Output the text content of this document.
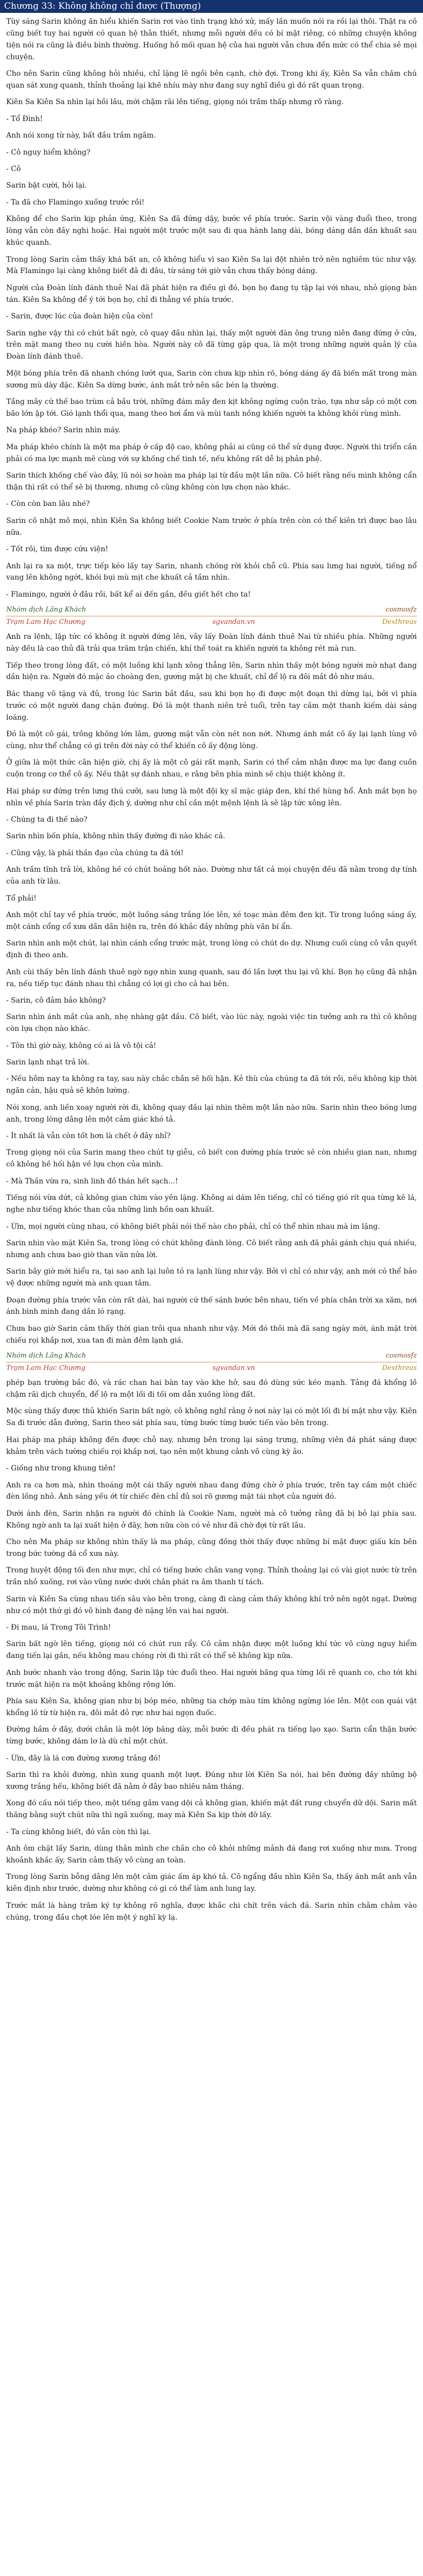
Chương 33: Không không chỉ được (Thượng)

Tùy sáng Sarin không ăn hiểu khiến Sarin rơi vào tình trạng khó xử, mấy lần muốn nói ra rồi lại thôi. Thật ra cô cũng biết tuy hai người có quan hệ thân thiết, nhưng mỗi người đều có bí mật riêng, có những chuyện không tiện nói ra cũng là điều bình thường. Huống hồ mối quan hệ của hai người vẫn chưa đến mức có thể chia sẻ mọi chuyện.

Cho nên Sarin cũng không hỏi nhiều, chỉ lặng lẽ ngồi bên cạnh, chờ đợi. Trong khi ấy, Kiên Sa vẫn chăm chú quan sát xung quanh, thỉnh thoảng lại khẽ nhíu mày như đang suy nghĩ điều gì đó rất quan trọng.

Kiên Sa Kiên Sa nhìn lại hồi lâu, mới chậm rãi lên tiếng, giọng nói trầm thấp nhưng rõ ràng.

- Tổ Đình!

Anh nói xong từ này, bất đầu trầm ngâm.

- Cô nguy hiểm không?

- Cô

Sarin bật cười, hỏi lại.

- Ta đã cho Flamingo xuống trước rồi!

Không để cho Sarin kịp phản ứng, Kiên Sa đã đứng dậy, bước về phía trước. Sarin vội vàng đuổi theo, trong lòng vẫn còn đầy nghi hoặc. Hai người một trước một sau đi qua hành lang dài, bóng dáng dần dần khuất sau khúc quanh.

Trong lòng Sarin cảm thấy khá bất an, cô không hiểu vì sao Kiên Sa lại đột nhiên trở nên nghiêm túc như vậy. Mà Flamingo lại càng không biết đã đi đâu, từ sáng tới giờ vẫn chưa thấy bóng dáng.

Người của Đoàn lính đánh thuê Nai đã phát hiện ra điều gì đó, bọn họ đang tụ tập lại với nhau, nhỏ giọng bàn tán. Kiên Sa không để ý tới bọn họ, chỉ đi thẳng về phía trước.

- Sarin, được lúc của đoàn hiện của còn!

Sarin nghe vậy thì có chút bất ngờ, cô quay đầu nhìn lại, thấy một người đàn ông trung niên đang đứng ở cửa, trên mặt mang theo nụ cười hiền hòa. Người này cô đã từng gặp qua, là một trong những người quản lý của Đoàn lính đánh thuê.

Một bóng phía trên đã nhanh chóng lướt qua, Sarin còn chưa kịp nhìn rõ, bóng dáng ấy đã biến mất trong màn sương mù dày đặc. Kiên Sa dừng bước, ánh mắt trở nên sắc bén lạ thường.

Tầng mây cứ thế bao trùm cả bầu trời, những đám mây đen kịt không ngừng cuộn trào, tựa như sắp có một cơn bão lớn ập tới. Gió lạnh thổi qua, mang theo hơi ẩm và mùi tanh nồng khiến người ta không khỏi rùng mình.

Na pháp khéo? Sarin nhìn máy.

Ma pháp khéo chính là một ma pháp ở cấp độ cao, không phải ai cũng có thể sử dụng được. Người thi triển cần phải có ma lực mạnh mẽ cùng với sự khống chế tinh tế, nếu không rất dễ bị phản phệ.

Sarin thích khống chế vào đây, lũ nói sơ hoàn ma pháp lại từ đầu một lần nữa. Cô biết rằng nếu mình không cẩn thận thì rất có thể sẽ bị thương, nhưng cô cũng không còn lựa chọn nào khác.

- Còn còn ban lâu nhé?

Sarin cô nhật mô mọi, nhìn Kiên Sa không biết Cookie Nam trước ở phía trên còn có thể kiên trì được bao lâu nữa.

- Tốt rồi, tìm được cứu viện!

Anh lại ra xa một, trực tiếp kéo lấy tay Sarin, nhanh chóng rời khỏi chỗ cũ. Phía sau lưng hai người, tiếng nổ vang lên không ngớt, khói bụi mù mịt che khuất cả tầm nhìn.

- Flamingo, người ở đâu rồi, bất kể ai đến gần, đều giết hết cho ta!

Nhóm dịch Lãng Khách	cosmosfz
Trạm Lam Hạc Chương	sgvandan.vn	Dexthreas

Anh ra lệnh, lập tức có không ít người đứng lên, vây lấy Đoàn lính đánh thuê Nai từ nhiều phía. Những người này đều là cao thủ đã trải qua trăm trận chiến, khí thế toát ra khiến người ta không rét mà run.

Tiếp theo trong lòng đất, có một luồng khí lạnh xông thẳng lên, Sarin nhìn thấy một bóng người mờ nhạt đang dần hiện ra. Người đó mặc áo choàng đen, gương mặt bị che khuất, chỉ để lộ ra đôi mắt đỏ như máu.

Bác thang võ tặng và đủ, trong lúc Sarin bắt đầu, sau khi bọn họ đi được một đoạn thì dừng lại, bởi vì phía trước có một người đang chặn đường. Đó là một thanh niên trẻ tuổi, trên tay cầm một thanh kiếm dài sáng loáng.

Đó là một cô gái, trông không lớn lắm, gương mặt vẫn còn nét non nớt. Nhưng ánh mắt cô ấy lại lạnh lùng vô cùng, như thể chẳng có gì trên đời này có thể khiến cô ấy động lòng.

Ở giữa là một thức cân hiện giờ, chị ấy là một cô gái rất mạnh, Sarin có thể cảm nhận được ma lực đang cuồn cuộn trong cơ thể cô ấy. Nếu thật sự đánh nhau, e rằng bên phía mình sẽ chịu thiệt không ít.

Hai pháp sư đứng trên lưng thú cưỡi, sau lưng là một đội kỵ sĩ mặc giáp đen, khí thế hùng hổ. Ánh mắt bọn họ nhìn về phía Sarin tràn đầy địch ý, dường như chỉ cần một mệnh lệnh là sẽ lập tức xông lên.

- Chúng ta đi thế nào?

Sarin nhìn bốn phía, không nhìn thấy đường đi nào khác cả.

- Cũng vậy, là phái thần đạo của chúng ta đã tới!

Anh trầm tĩnh trả lời, không hề có chút hoảng hốt nào. Dường như tất cả mọi chuyện đều đã nằm trong dự tính của anh từ lâu.

Tổ phải!

Anh một chỉ tay về phía trước, một luồng sáng trắng lóe lên, xé toạc màn đêm đen kịt. Từ trong luồng sáng ấy, một cánh cổng cổ xưa dần dần hiện ra, trên đó khắc đầy những phù văn bí ẩn.

Sarin nhìn anh một chút, lại nhìn cánh cổng trước mặt, trong lòng có chút do dự. Nhưng cuối cùng cô vẫn quyết định đi theo anh.

Anh cùi thấy bên lính đánh thuê ngờ ngợ nhìn xung quanh, sau đó lần lượt thu lại vũ khí. Bọn họ cũng đã nhận ra, nếu tiếp tục đánh nhau thì chẳng có lợi gì cho cả hai bên.

- Sarin, cô đảm bảo không?

Sarin nhìn ánh mắt của anh, nhẹ nhàng gật đầu. Cô biết, vào lúc này, ngoài việc tin tưởng anh ra thì cô không còn lựa chọn nào khác.

- Tôn thì giờ này, không có ai là vô tội cả!

Sarin lạnh nhạt trả lời.

- Nếu hôm nay ta không ra tay, sau này chắc chắn sẽ hối hận. Kẻ thù của chúng ta đã tới rồi, nếu không kịp thời ngăn cản, hậu quả sẽ khôn lường.

Nói xong, anh liền xoay người rời đi, không quay đầu lại nhìn thêm một lần nào nữa. Sarin nhìn theo bóng lưng anh, trong lòng dâng lên một cảm giác khó tả.

- Ít nhất là vẫn còn tốt hơn là chết ở đây nhỉ?

Trong giọng nói của Sarin mang theo chút tự giễu, cô biết con đường phía trước sẽ còn nhiều gian nan, nhưng cô không hề hối hận về lựa chọn của mình.

- Mà Thần vừa ra, sinh linh đồ thán hết sạch...!

Tiếng nói vừa dứt, cả không gian chìm vào yên lặng. Không ai dám lên tiếng, chỉ có tiếng gió rít qua từng kẽ lá, nghe như tiếng khóc than của những linh hồn oan khuất.

- Ừm, mọi người cùng nhau, có không biết phải nói thế nào cho phải, chỉ có thể nhìn nhau mà im lặng.

Sarin nhìn vào mặt Kiên Sa, trong lòng có chút không đành lòng. Cô biết rằng anh đã phải gánh chịu quá nhiều, nhưng anh chưa bao giờ than vãn nửa lời.

Sarin bây giờ mới hiểu ra, tại sao anh lại luôn tỏ ra lạnh lùng như vậy. Bởi vì chỉ có như vậy, anh mới có thể bảo vệ được những người mà anh quan tâm.

Đoạn đường phía trước vẫn còn rất dài, hai người cứ thế sánh bước bên nhau, tiến về phía chân trời xa xăm, nơi ánh bình minh đang dần ló rạng.

Chưa bao giờ Sarin cảm thấy thời gian trôi qua nhanh như vậy. Mới đó thôi mà đã sang ngày mới, ánh mặt trời chiếu rọi khắp nơi, xua tan đi màn đêm lạnh giá.

Nhóm dịch Lãng Khách	cosmosfz
Trạm Lam Hạc Chương	sgvandan.vn	Dexthreas

phép bạn trường bắc đó, và rác chan hai bàn tay vào khe hở, sau đó dùng sức kéo mạnh. Tảng đá khổng lồ chậm rãi dịch chuyển, để lộ ra một lối đi tối om dẫn xuống lòng đất.

Mộc sùng thấy được thủ khiến Sarin bất ngờ, cô không nghĩ rằng ở nơi này lại có một lối đi bí mật như vậy. Kiên Sa đi trước dẫn đường, Sarin theo sát phía sau, từng bước từng bước tiến vào bên trong.

Hai pháp ma pháp không đến được chỗ nay, nhưng bên trong lại sáng trưng, những viên đá phát sáng được khảm trên vách tường chiếu rọi khắp nơi, tạo nên một khung cảnh vô cùng kỳ ảo.

- Giống như trong khung tiên!

Anh ra ca hơn mà, nhìn thoáng một cái thấy người nhau đang đứng chờ ở phía trước, trên tay cầm một chiếc đèn lồng nhỏ. Ánh sáng yếu ớt từ chiếc đèn chỉ đủ soi rõ gương mặt tái nhợt của người đó.

Dưới ánh đèn, Sarin nhận ra người đó chính là Cookie Nam, người mà cô tưởng rằng đã bị bỏ lại phía sau. Không ngờ anh ta lại xuất hiện ở đây, hơn nữa còn có vẻ như đã chờ đợi từ rất lâu.

Cho nên Ma pháp sư không nhìn thấy là ma pháp, cũng đồng thời thấy được những bí mật được giấu kín bên trong bức tường đá cổ xưa này.

Trong huyệt động tối đen như mực, chỉ có tiếng bước chân vang vọng. Thỉnh thoảng lại có vài giọt nước từ trên trần nhỏ xuống, rơi vào vũng nước dưới chân phát ra âm thanh tí tách.

Sarin và Kiên Sa cùng nhau tiến sâu vào bên trong, càng đi càng cảm thấy không khí trở nên ngột ngạt. Dường như có một thứ gì đó vô hình đang đè nặng lên vai hai người.

- Đi mau, lá Trong Tôi Trình!

Sarin bất ngờ lên tiếng, giọng nói có chút run rẩy. Cô cảm nhận được một luồng khí tức vô cùng nguy hiểm đang tiến lại gần, nếu không mau chóng rời đi thì rất có thể sẽ không kịp nữa.

Anh bước nhanh vào trong động, Sarin lập tức đuổi theo. Hai người băng qua từng lối rẽ quanh co, cho tới khi trước mặt hiện ra một khoảng không rộng lớn.

Phía sau Kiên Sa, không gian như bị bóp méo, những tia chớp màu tím không ngừng lóe lên. Một con quái vật khổng lồ từ từ hiện ra, đôi mắt đỏ rực như hai ngọn đuốc.

Đường hầm ở đây, dưới chân là một lớp băng dày, mỗi bước đi đều phát ra tiếng lạo xạo. Sarin cẩn thận bước từng bước, không dám lơ là dù chỉ một chút.

- Ừm, đây là lá cơn đường xương trắng đó!

Sarin thì ra khỏi đường, nhìn xung quanh một lượt. Đúng như lời Kiên Sa nói, hai bên đường đầy những bộ xương trắng hếu, không biết đã nằm ở đây bao nhiêu năm tháng.

Xong đó cấu nói tiếp theo, một tiếng gầm vang dội cả không gian, khiến mặt đất rung chuyển dữ dội. Sarin mất thăng bằng suýt chút nữa thì ngã xuống, may mà Kiên Sa kịp thời đỡ lấy.

- Ta cùng không biết, đó vẫn còn thì lại.

Anh ôm chặt lấy Sarin, dùng thân mình che chắn cho cô khỏi những mảnh đá đang rơi xuống như mưa. Trong khoảnh khắc ấy, Sarin cảm thấy vô cùng an toàn.

Trong lòng Sarin bỗng dâng lên một cảm giác ấm áp khó tả. Cô ngẩng đầu nhìn Kiên Sa, thấy ánh mắt anh vẫn kiên định như trước, dường như không có gì có thể làm anh lung lay.

Trước mắt là hàng trăm ký tự không rõ nghĩa, được khắc chi chít trên vách đá. Sarin nhìn chằm chằm vào chúng, trong đầu chợt lóe lên một ý nghĩ kỳ lạ.
